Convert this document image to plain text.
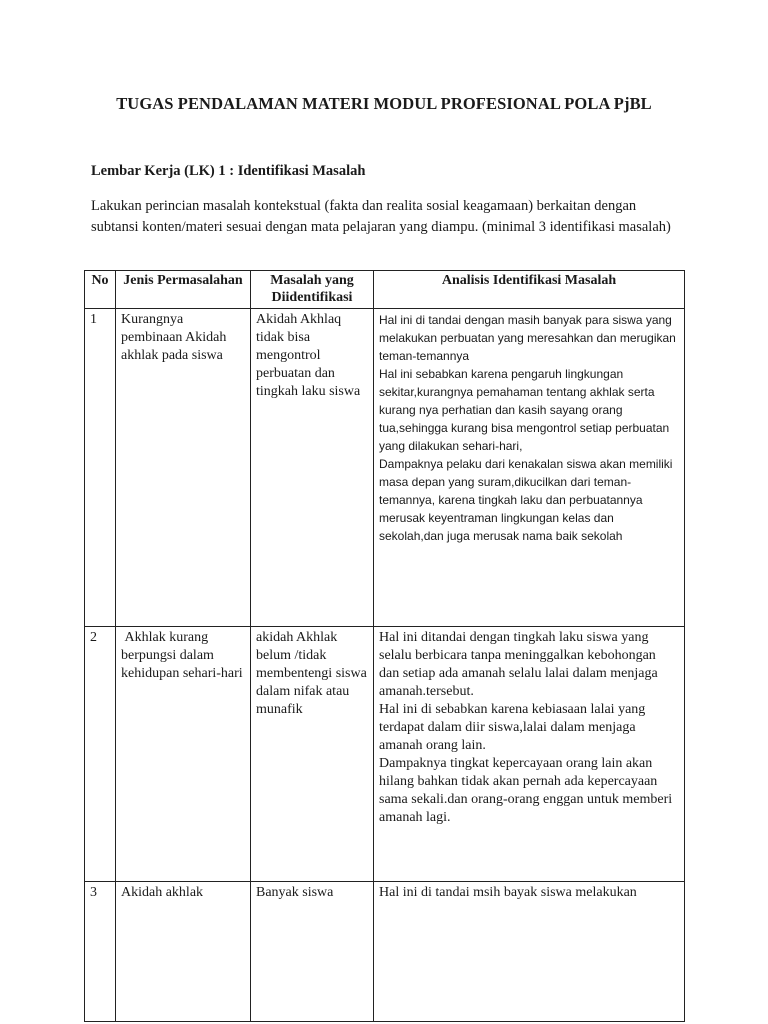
TUGAS PENDALAMAN MATERI MODUL PROFESIONAL POLA PjBL
Lembar Kerja (LK) 1 : Identifikasi Masalah
Lakukan perincian masalah kontekstual (fakta dan realita sosial keagamaan) berkaitan dengan subtansi konten/materi sesuai dengan mata pelajaran yang diampu. (minimal 3 identifikasi masalah)
No	Jenis Permasalahan	Masalah yang Diidentifikasi	Analisis Identifikasi Masalah
1	Kurangnya pembinaan Akidah akhlak pada siswa	Akidah Akhlaq tidak bisa mengontrol perbuatan dan tingkah laku siswa	Hal ini di tandai dengan masih banyak para siswa yang melakukan perbuatan yang meresahkan dan merugikan teman-temannya
Hal ini sebabkan karena pengaruh lingkungan sekitar,kurangnya pemahaman tentang akhlak serta kurang nya perhatian dan kasih sayang orang tua,sehingga kurang bisa mengontrol setiap perbuatan yang dilakukan sehari-hari,
Dampaknya pelaku dari kenakalan siswa akan memiliki masa depan yang suram,dikucilkan dari teman-temannya, karena tingkah laku dan perbuatannya merusak keyentraman lingkungan kelas dan sekolah,dan juga merusak nama baik sekolah
2	Akhlak kurang berpungsi dalam kehidupan sehari-hari	akidah Akhlak belum /tidak membentengi siswa dalam nifak atau munafik	Hal ini ditandai dengan tingkah laku siswa yang selalu berbicara tanpa meninggalkan kebohongan dan setiap ada amanah selalu lalai dalam menjaga amanah.tersebut.
Hal ini di sebabkan karena kebiasaan lalai yang terdapat dalam diir siswa,lalai dalam menjaga amanah orang lain.
Dampaknya tingkat kepercayaan orang lain akan hilang bahkan tidak akan pernah ada kepercayaan sama sekali.dan orang-orang enggan untuk memberi amanah lagi.
3	Akidah akhlak	Banyak siswa	Hal ini di tandai msih bayak siswa melakukan
